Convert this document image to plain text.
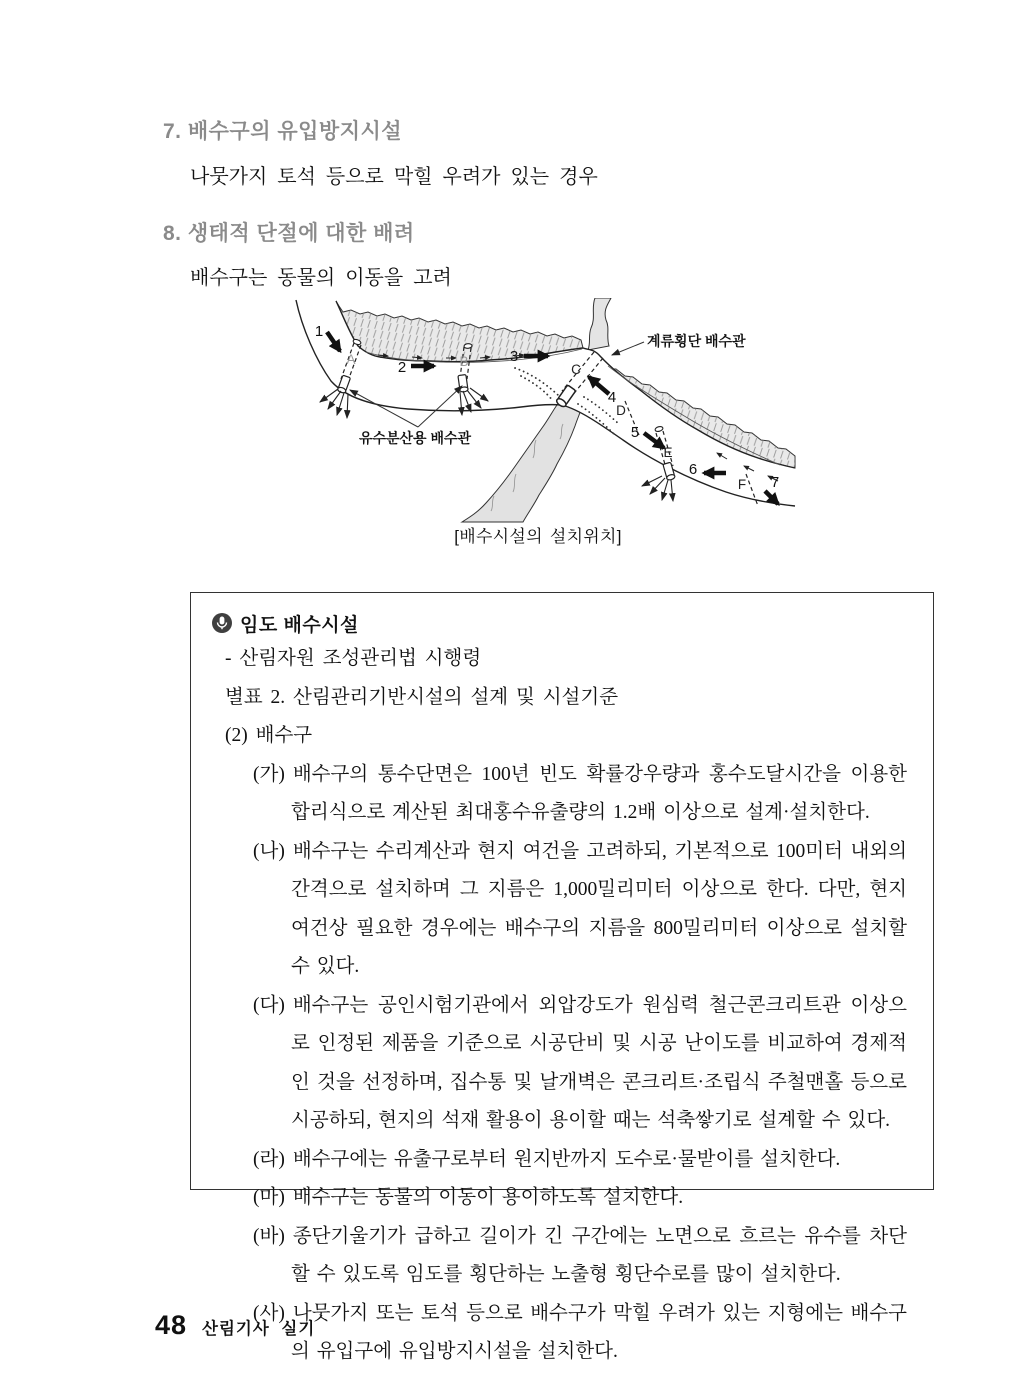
7. 배수구의 유입방지시설
나뭇가지 토석 등으로 막힐 우려가 있는 경우
8. 생태적 단절에 대한 배려
배수구는 동물의 이동을 고려
1
2
3
4
5
6
7
A	B
C
D
E
F
계류횡단 배수관
유수분산용 배수관
[배수시설의 설치위치]
임도 배수시설
- 산림자원 조성관리법 시행령
별표 2. 산림관리기반시설의 설계 및 시설기준
(2) 배수구
(가) 배수구의 통수단면은 100년 빈도 확률강우량과 홍수도달시간을 이용한 합리식으로 계산된 최대홍수유출량의 1.2배 이상으로 설계·설치한다.
(나) 배수구는 수리계산과 현지 여건을 고려하되, 기본적으로 100미터 내외의 간격으로 설치하며 그 지름은 1,000밀리미터 이상으로 한다. 다만, 현지 여건상 필요한 경우에는 배수구의 지름을 800밀리미터 이상으로 설치할 수 있다.
(다) 배수구는 공인시험기관에서 외압강도가 원심력 철근콘크리트관 이상으로 인정된 제품을 기준으로 시공단비 및 시공 난이도를 비교하여 경제적인 것을 선정하며, 집수통 및 날개벽은 콘크리트·조립식 주철맨홀 등으로 시공하되, 현지의 석재 활용이 용이할 때는 석축쌓기로 설계할 수 있다.
(라) 배수구에는 유출구로부터 원지반까지 도수로·물받이를 설치한다.
(마) 배수구는 동물의 이동이 용이하도록 설치한다.
(바) 종단기울기가 급하고 길이가 긴 구간에는 노면으로 흐르는 유수를 차단할 수 있도록 임도를 횡단하는 노출형 횡단수로를 많이 설치한다.
(사) 나뭇가지 또는 토석 등으로 배수구가 막힐 우려가 있는 지형에는 배수구의 유입구에 유입방지시설을 설치한다.
48 산림기사 실기
